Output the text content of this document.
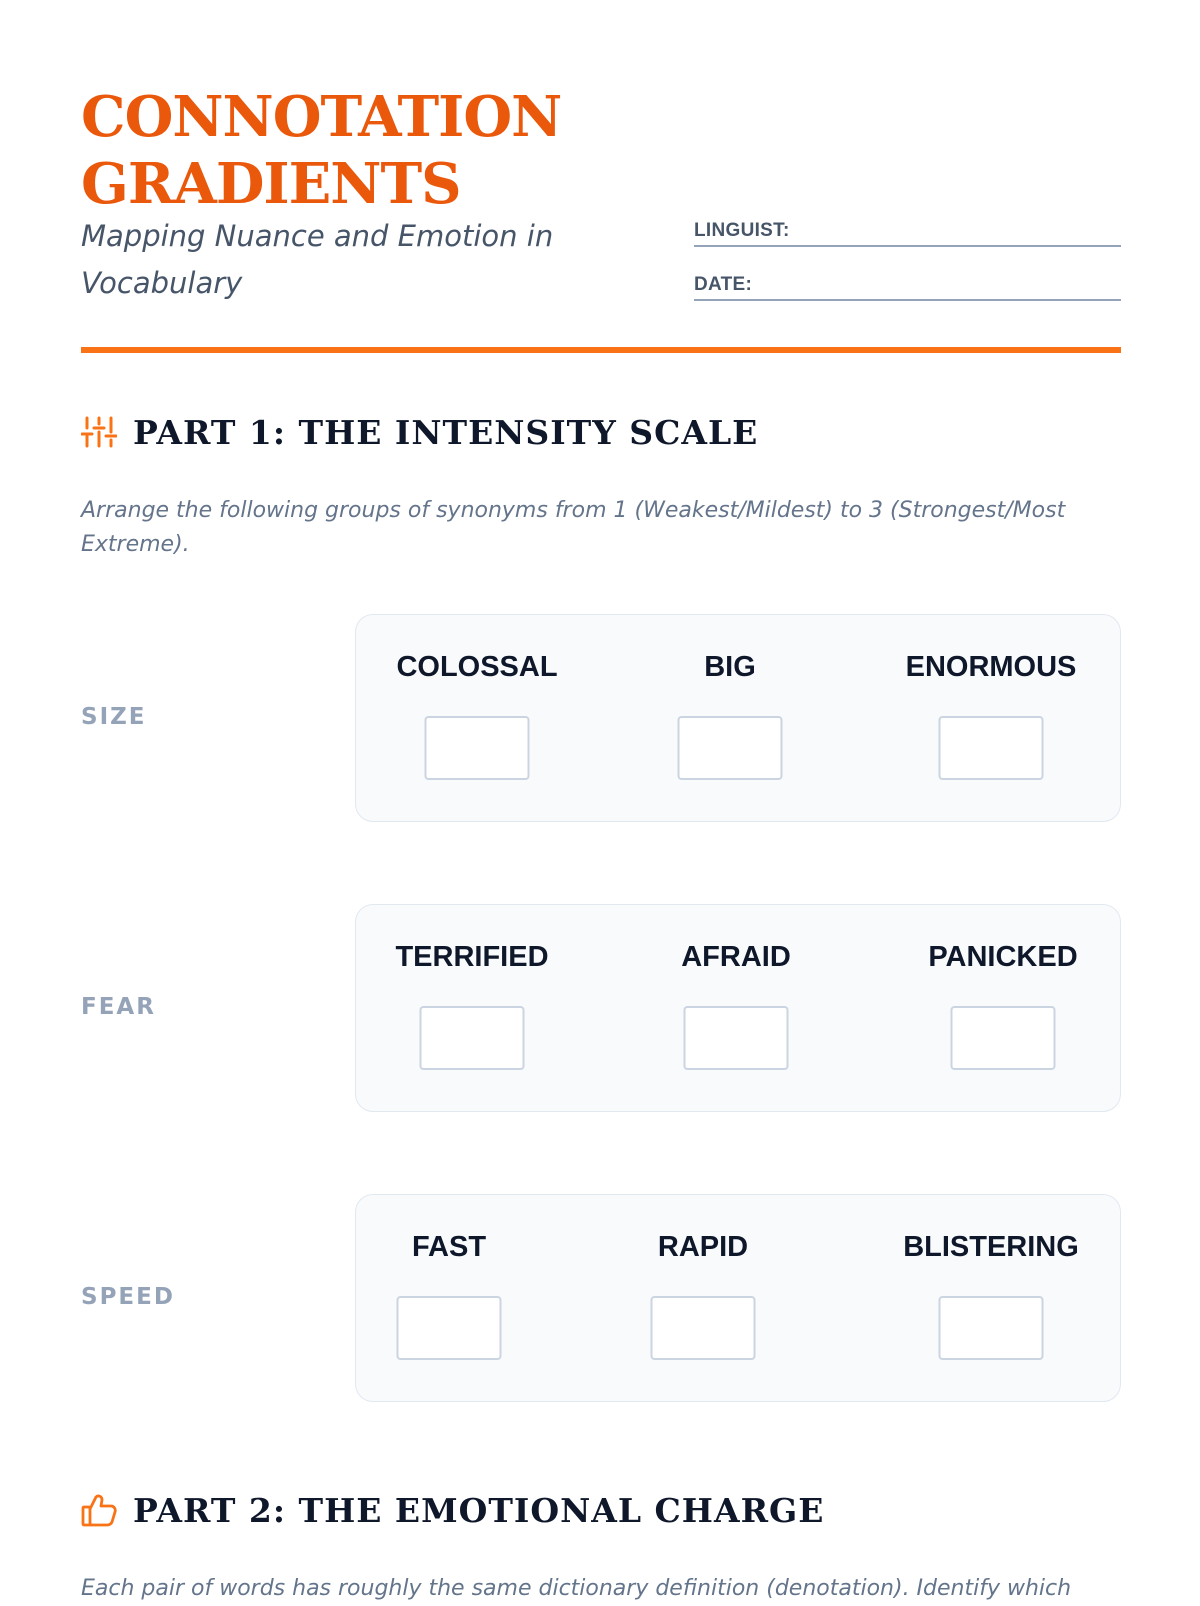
CONNOTATION
GRADIENTS

Mapping Nuance and Emotion in Vocabulary

LINGUIST:
DATE:
PART 1: THE INTENSITY SCALE

Arrange the following groups of synonyms from 1 (Weakest/Mildest) to 3 (Strongest/Most Extreme).

SIZE
COLOSSAL	BIG	ENORMOUS
FEAR
TERRIFIED	AFRAID	PANICKED
SPEED
FAST	RAPID	BLISTERING
PART 2: THE EMOTIONAL CHARGE

Each pair of words has roughly the same dictionary definition (denotation). Identify which
